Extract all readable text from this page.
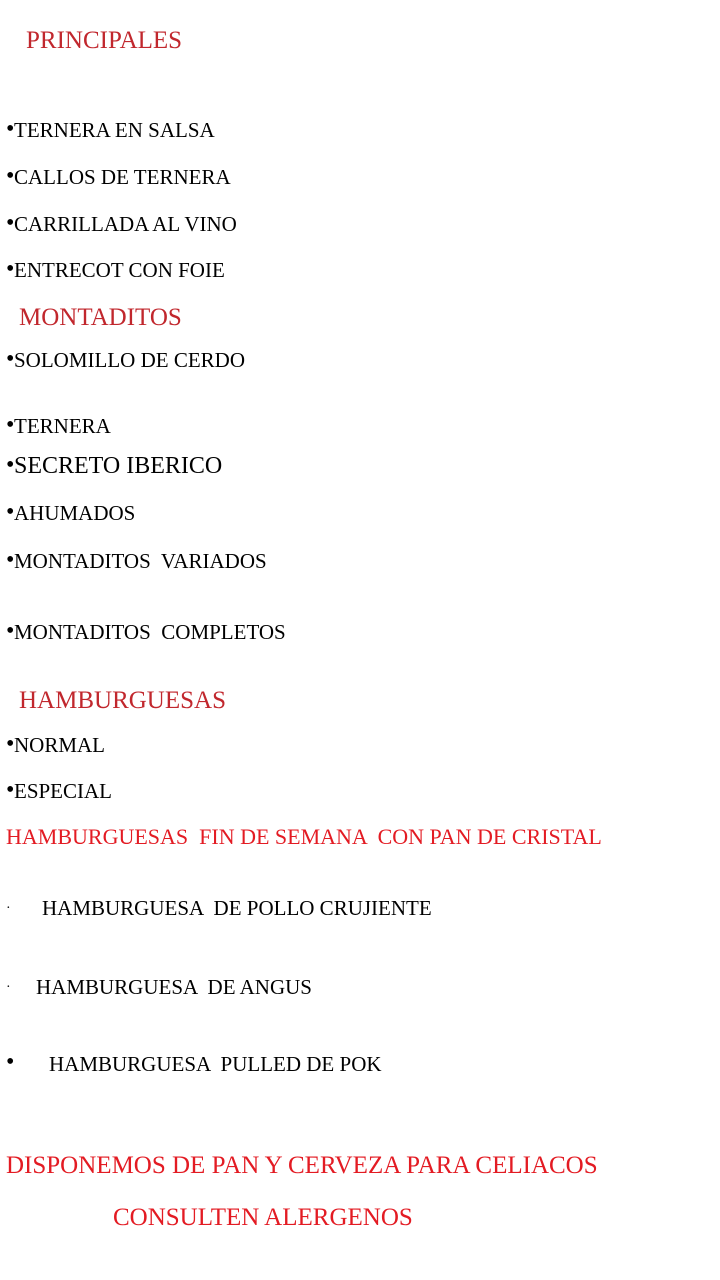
PRINCIPALES
•TERNERA EN SALSA
•CALLOS DE TERNERA
•CARRILLADA AL VINO
•ENTRECOT CON FOIE
MONTADITOS
•SOLOMILLO DE CERDO
•TERNERA
•SECRETO IBERICO
•AHUMADOS
•MONTADITOS  VARIADOS
•MONTADITOS  COMPLETOS
HAMBURGUESAS
•NORMAL
•ESPECIAL
HAMBURGUESAS  FIN DE SEMANA  CON PAN DE CRISTAL
· HAMBURGUESA  DE POLLO CRUJIENTE
· HAMBURGUESA  DE ANGUS
• HAMBURGUESA  PULLED DE POK
DISPONEMOS DE PAN Y CERVEZA PARA CELIACOS
CONSULTEN ALERGENOS
